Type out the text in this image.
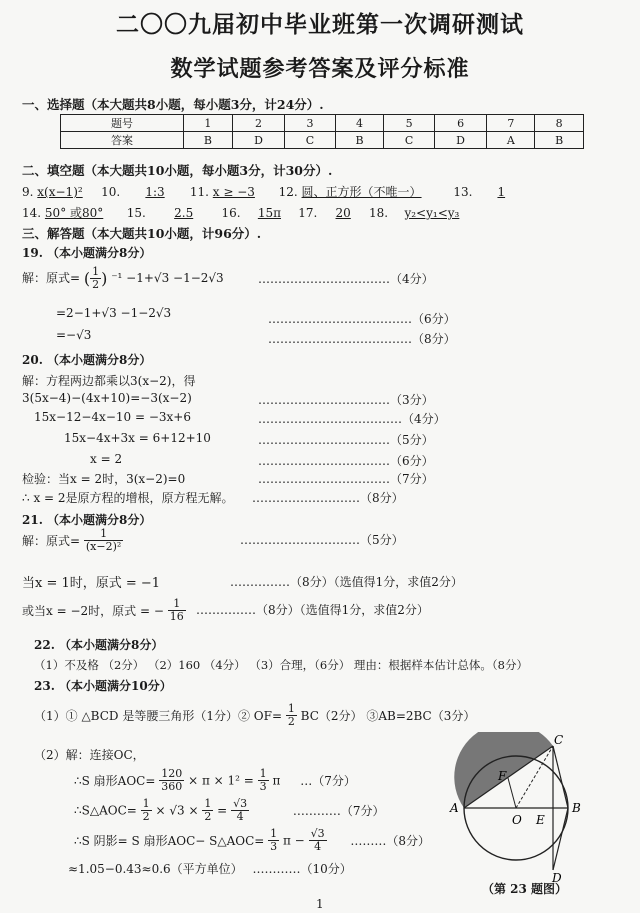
二〇〇九届初中毕业班第一次调研测试
数学试题参考答案及评分标准
一、选择题（本大题共8小题，每小题3分，计24分）.
题号	1	2	3	4	5	6	7	8
答案	B	D	C	B	C	D	A	B
二、填空题（本大题共10小题，每小题3分，计30分）.
9. x(x−1)² 10. 1:3 11. x ≥ −3 12. 圆、正方形（不唯一）	13. 1
14. 50° 或80° 15. 2.5 16. 15π 17. 20 18. y₂<y₁<y₃
三、解答题（本大题共10小题，计96分）.
19. （本小题满分8分）
解：原式= ( $\frac{1}{2}$ ) ⁻¹ −1+√3 −1−2√3	……………………………（4分）
=2−1+√3 −1−2√3	………………………………（6分）
=−√3	………………………………（8分）
20. （本小题满分8分）
解：方程两边都乘以3(x−2)，得
3(5x−4)−(4x+10)=−3(x−2)	……………………………（3分）
15x−12−4x−10 = −3x+6	………………………………（4分）
15x−4x+3x = 6+12+10	……………………………（5分）
x = 2	……………………………（6分）
检验：当x = 2时，3(x−2)=0	……………………………（7分）
∴ x = 2是原方程的增根，原方程无解。 ………………………（8分）
21. （本小题满分8分）
解：原式= $\frac{1}{\text{(x−2)²}}$	…………………………（5分）
当x = 1时，原式 = −1	……………（8分）（选值得1分，求值2分）
或当x = −2时，原式 = − $\frac{1}{16}$ ……………（8分）（选值得1分，求值2分）
22. （本小题满分8分）
（1）不及格 （2分） （2）160 （4分） （3）合理，（6分） 理由：根据样本估计总体。（8分）
23. （本小题满分10分）
（1）① △BCD 是等腰三角形（1分）② $OF= \frac{1}{2} BC(2$分） ③AB=2BC（3分）
（2）解：连接OC，
∴S 扇形$AOC= \frac{120}{360} \times \pi \times 1^2 = \frac{1}{3}$ π …（7分）
∴S△AOC= $\frac{1}{2} \times √3 \times \frac{1}{2} = \frac{√3}{4}$	…………（7分）
∴S 阴影= S 扇形AOC− S△AOC= $\frac{1}{3}$ $\pi - \frac{√3}{4}$ ………（8分）
≈1.05−0.43≈0.6（平方单位） …………（10分）
A	B
C
D
E
F
O
（第 23 题图）
1
